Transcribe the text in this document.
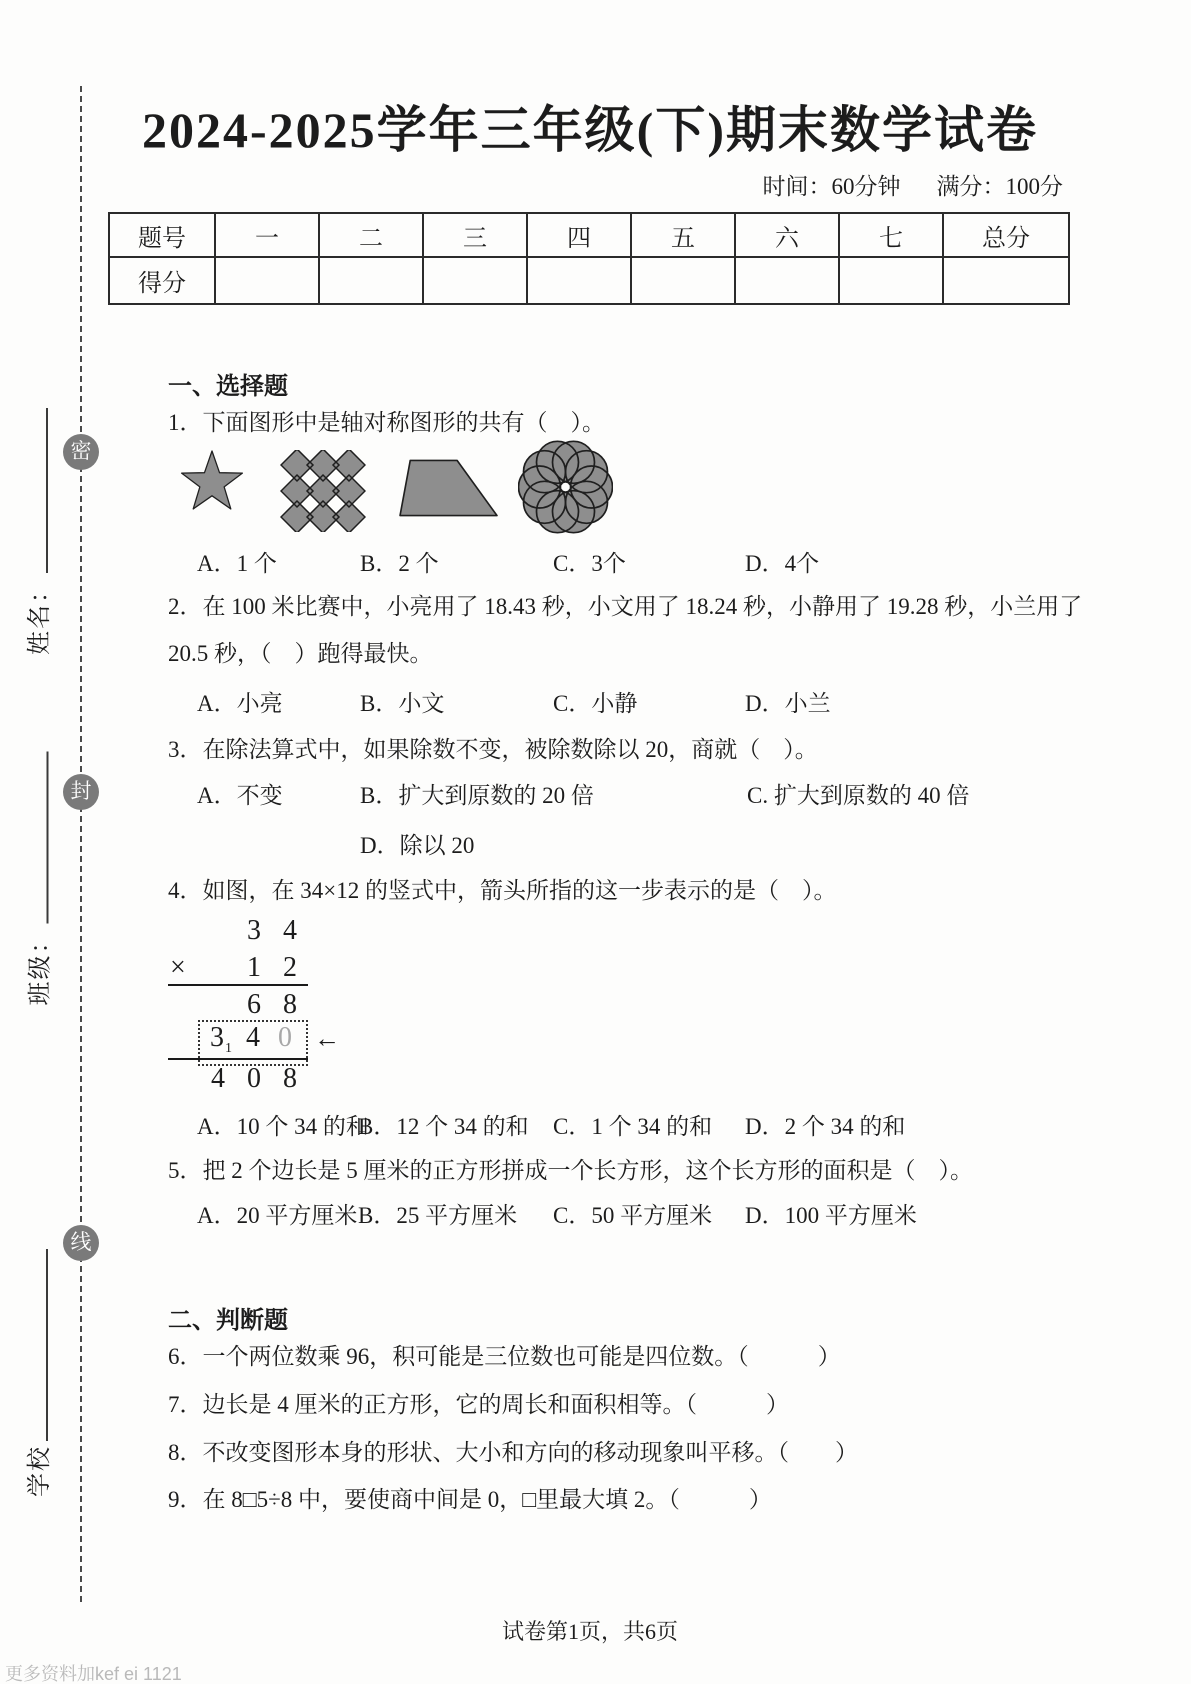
密
封
线
姓名：
班级：
学校
2024-2025学年三年级(下)期末数学试卷
时间：60分钟 满分：100分
题号	一	二	三	四	五	六	七	总分
得分								
一、选择题
1．下面图形中是轴对称图形的共有（　）。
A．1 个	B．2 个	C．3个	D．4个
2．在 100 米比赛中，小亮用了 18.43 秒，小文用了 18.24 秒，小静用了 19.28 秒，小兰用了
20.5 秒，（　）跑得最快。
A．小亮	B．小文	C．小静	D．小兰
3．在除法算式中，如果除数不变，被除数除以 20，商就（　）。
A．不变	B．扩大到原数的 20 倍	C. 扩大到原数的 40 倍
D．除以 20
4．如图，在 34×12 的竖式中，箭头所指的这一步表示的是（　）。
3 4
×	1 2
6 8
$3_1$ 4 0 ←
4 0 8
A．10 个 34 的和
B．12 个 34 的和 C．1 个 34 的和 D．2 个 34 的和
5．把 2 个边长是 5 厘米的正方形拼成一个长方形，这个长方形的面积是（　）。
A．20 平方厘米 B．25 平方厘米 C．50 平方厘米 D．100 平方厘米
二、判断题
6．一个两位数乘 96，积可能是三位数也可能是四位数。（　　　）
7．边长是 4 厘米的正方形，它的周长和面积相等。（　　　）
8．不改变图形本身的形状、大小和方向的移动现象叫平移。（　　）
9．在 8□5÷8 中，要使商中间是 0，□里最大填 2。（　　　）
试卷第1页，共6页
更多资料加kef ei 1121
